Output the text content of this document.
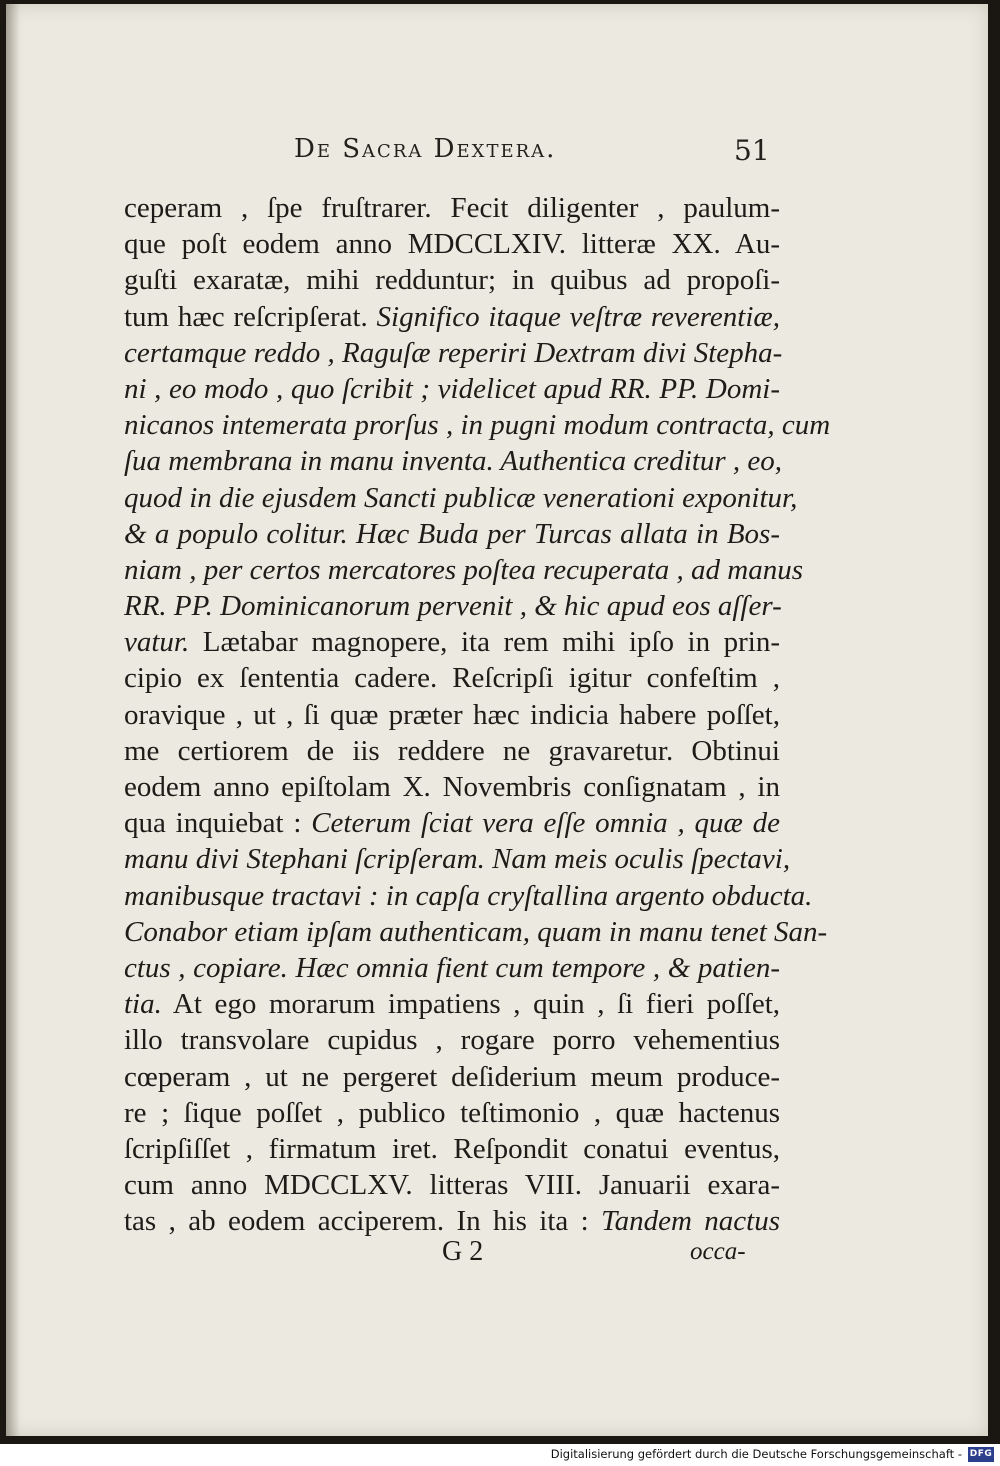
De Sacra Dextera.	51
ceperam , ſpe fruſtrarer. Fecit diligenter , paulum-
que poſt eodem anno MDCCLXIV. litteræ XX. Au-
guſti exaratæ, mihi redduntur; in quibus ad propoſi-
tum hæc reſcripſerat. Significo itaque veſtræ reverentiæ,
certamque reddo , Raguſæ reperiri Dextram divi Stepha-
ni , eo modo , quo ſcribit ; videlicet apud RR. PP. Domi-
nicanos intemerata prorſus , in pugni modum contracta, cum
ſua membrana in manu inventa. Authentica creditur , eo,
quod in die ejusdem Sancti publicæ venerationi exponitur,
& a populo colitur. Hæc Buda per Turcas allata in Bos-
niam , per certos mercatores poſtea recuperata , ad manus
RR. PP. Dominicanorum pervenit , & hic apud eos aſſer-
vatur. Lætabar magnopere, ita rem mihi ipſo in prin-
cipio ex ſententia cadere. Reſcripſi igitur confeſtim ,
oravique , ut , ſi quæ præter hæc indicia habere poſſet,
me certiorem de iis reddere ne gravaretur. Obtinui
eodem anno epiſtolam X. Novembris conſignatam , in
qua inquiebat : Ceterum ſciat vera eſſe omnia , quæ de
manu divi Stephani ſcripſeram. Nam meis oculis ſpectavi,
manibusque tractavi : in capſa cryſtallina argento obducta.
Conabor etiam ipſam authenticam, quam in manu tenet San-
ctus , copiare. Hæc omnia fient cum tempore , & patien-
tia. At ego morarum impatiens , quin , ſi fieri poſſet,
illo transvolare cupidus , rogare porro vehementius
cœperam , ut ne pergeret deſiderium meum produce-
re ; ſique poſſet , publico teſtimonio , quæ hactenus
ſcripſiſſet , firmatum iret. Reſpondit conatui eventus,
cum anno MDCCLXV. litteras VIII. Januarii exara-
tas , ab eodem acciperem. In his ita : Tandem nactus
G 2	occa-
Digitalisierung gefördert durch die Deutsche Forschungsgemeinschaft - DFG
